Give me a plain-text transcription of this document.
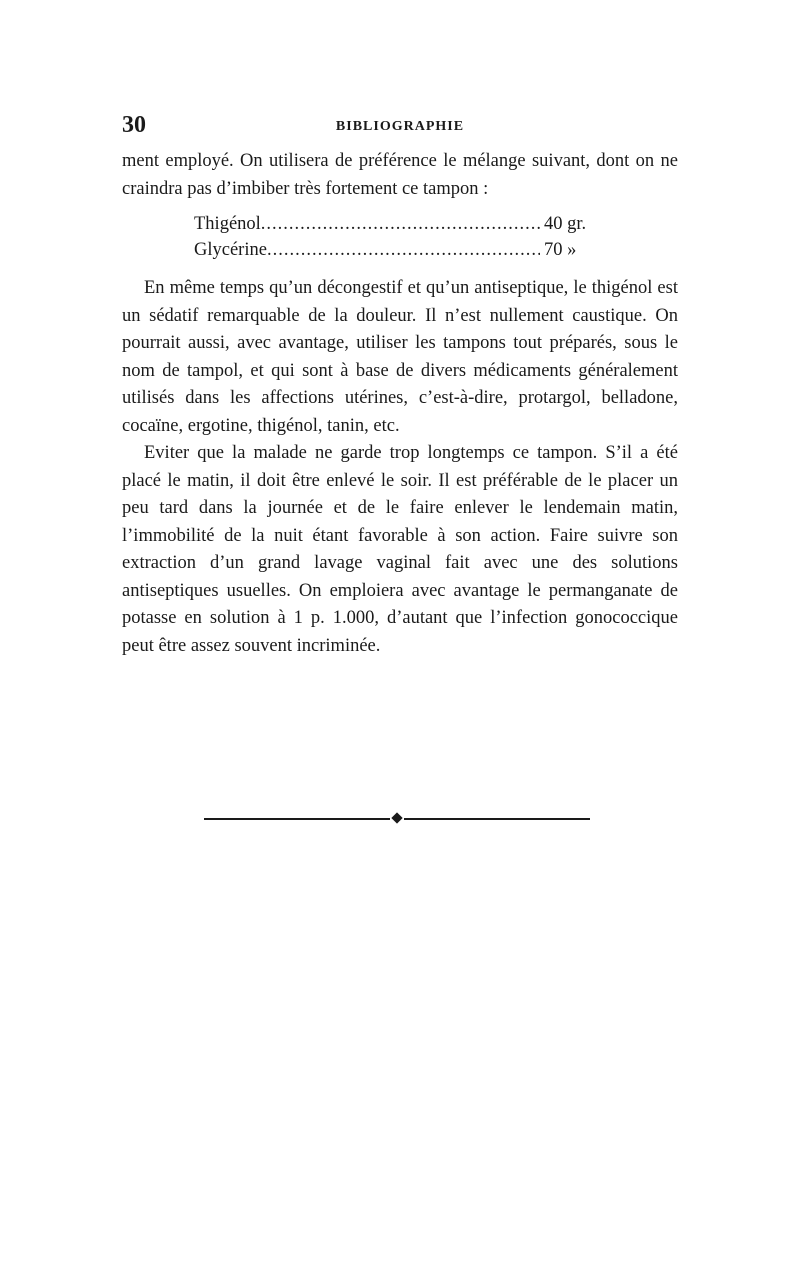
30	BIBLIOGRAPHIE

ment employé. On utilisera de préférence le mélange suivant, dont on ne craindra pas d’imbiber très fortement ce tampon :

Thigénol .....	40 gr.
Glycérine .....	70 »

En même temps qu’un décongestif et qu’un antiseptique, le thigénol est un sédatif remarquable de la douleur. Il n’est nullement caustique. On pourrait aussi, avec avantage, utiliser les tampons tout préparés, sous le nom de tampol, et qui sont à base de divers médicaments généralement utilisés dans les affections utérines, c’est-à-dire, protargol, belladone, cocaïne, ergotine, thigénol, tanin, etc.

Eviter que la malade ne garde trop longtemps ce tampon. S’il a été placé le matin, il doit être enlevé le soir. Il est préférable de le placer un peu tard dans la journée et de le faire enlever le lendemain matin, l’immobilité de la nuit étant favorable à son action. Faire suivre son extraction d’un grand lavage vaginal fait avec une des solutions antiseptiques usuelles. On emploiera avec avantage le permanganate de potasse en solution à 1 p. 1.000, d’autant que l’infection gonococcique peut être assez souvent incriminée.
